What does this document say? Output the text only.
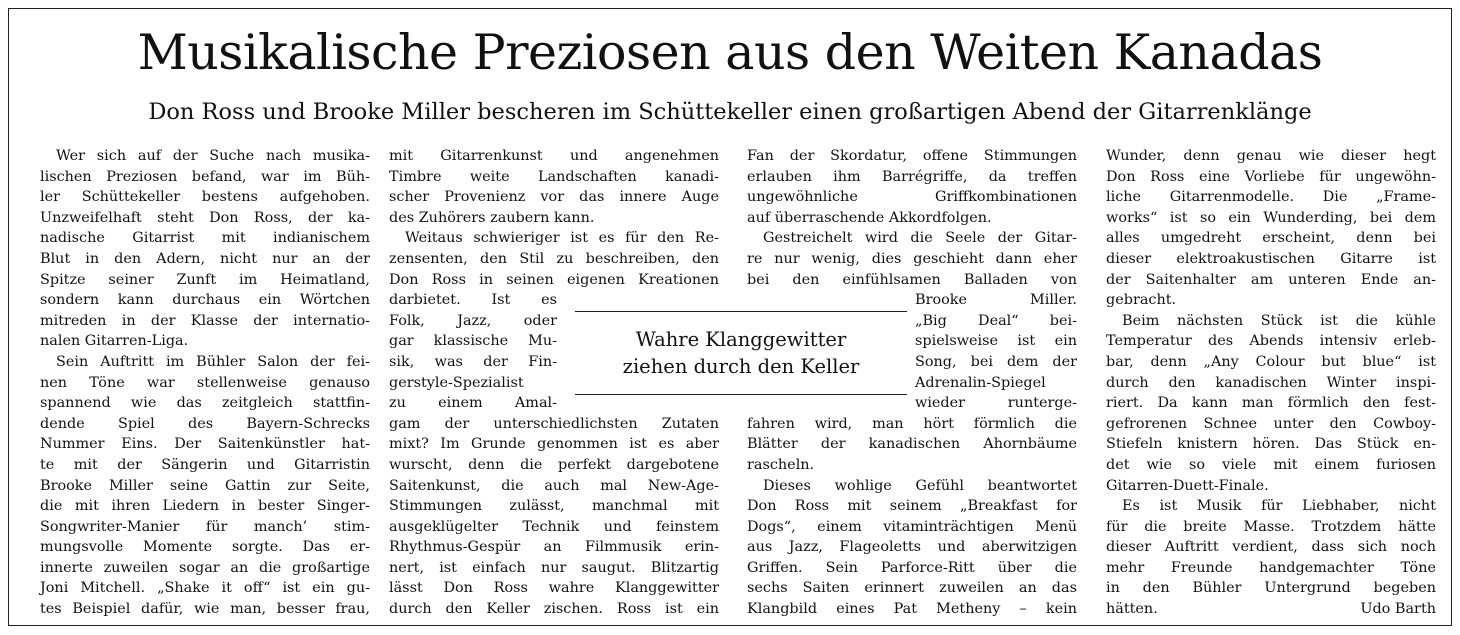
Musikalische Preziosen aus den Weiten Kanadas
Don Ross und Brooke Miller bescheren im Schüttekeller einen großartigen Abend der Gitarrenklänge
Wer sich auf der Suche nach musika-
lischen Preziosen befand, war im Büh-
ler Schüttekeller bestens aufgehoben.
Unzweifelhaft steht Don Ross, der ka-
nadische Gitarrist mit indianischem
Blut in den Adern, nicht nur an der
Spitze seiner Zunft im Heimatland,
sondern kann durchaus ein Wörtchen
mitreden in der Klasse der internatio-
nalen Gitarren-Liga.
Sein Auftritt im Bühler Salon der fei-
nen Töne war stellenweise genauso
spannend wie das zeitgleich stattfin-
dende Spiel des Bayern-Schrecks
Nummer Eins. Der Saitenkünstler hat-
te mit der Sängerin und Gitarristin
Brooke Miller seine Gattin zur Seite,
die mit ihren Liedern in bester Singer-
Songwriter-Manier für manch’ stim-
mungsvolle Momente sorgte. Das er-
innerte zuweilen sogar an die großartige
Joni Mitchell. „Shake it off“ ist ein gu-
tes Beispiel dafür, wie man, besser frau,
mit Gitarrenkunst und angenehmen
Timbre weite Landschaften kanadi-
scher Provenienz vor das innere Auge
des Zuhörers zaubern kann.
Weitaus schwieriger ist es für den Re-
zensenten, den Stil zu beschreiben, den
Don Ross in seinen eigenen Kreationen
darbietet. Ist es
Folk, Jazz, oder
gar klassische Mu-
sik, was der Fin-
gerstyle-Spezialist
zu einem Amal-
gam der unterschiedlichsten Zutaten
mixt? Im Grunde genommen ist es aber
wurscht, denn die perfekt dargebotene
Saitenkunst, die auch mal New-Age-
Stimmungen zulässt, manchmal mit
ausgeklügelter Technik und feinstem
Rhythmus-Gespür an Filmmusik erin-
nert, ist einfach nur saugut. Blitzartig
lässt Don Ross wahre Klanggewitter
durch den Keller zischen. Ross ist ein
Wahre Klanggewitter
ziehen durch den Keller
Fan der Skordatur, offene Stimmungen
erlauben ihm Barrégriffe, da treffen
ungewöhnliche Griffkombinationen
auf überraschende Akkordfolgen.
Gestreichelt wird die Seele der Gitar-
re nur wenig, dies geschieht dann eher
bei den einfühlsamen Balladen von
Brooke Miller.
„Big Deal“ bei-
spielsweise ist ein
Song, bei dem der
Adrenalin-Spiegel
wieder runterge-
fahren wird, man hört förmlich die
Blätter der kanadischen Ahornbäume
rascheln.
Dieses wohlige Gefühl beantwortet
Don Ross mit seinem „Breakfast for
Dogs“, einem vitaminträchtigen Menü
aus Jazz, Flageoletts und aberwitzigen
Griffen. Sein Parforce-Ritt über die
sechs Saiten erinnert zuweilen an das
Klangbild eines Pat Metheny – kein
Wunder, denn genau wie dieser hegt
Don Ross eine Vorliebe für ungewöhn-
liche Gitarrenmodelle. Die „Frame-
works“ ist so ein Wunderding, bei dem
alles umgedreht erscheint, denn bei
dieser elektroakustischen Gitarre ist
der Saitenhalter am unteren Ende an-
gebracht.
Beim nächsten Stück ist die kühle
Temperatur des Abends intensiv erleb-
bar, denn „Any Colour but blue“ ist
durch den kanadischen Winter inspi-
riert. Da kann man förmlich den fest-
gefrorenen Schnee unter den Cowboy-
Stiefeln knistern hören. Das Stück en-
det wie so viele mit einem furiosen
Gitarren-Duett-Finale.
Es ist Musik für Liebhaber, nicht
für die breite Masse. Trotzdem hätte
dieser Auftritt verdient, dass sich noch
mehr Freunde handgemachter Töne
in den Bühler Untergrund begeben
hätten.	Udo Barth
